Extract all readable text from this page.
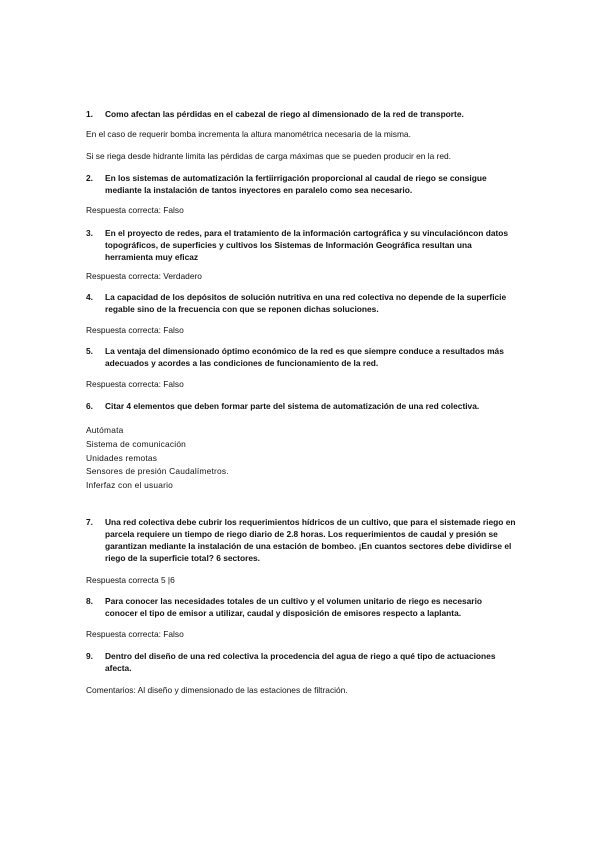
1. Como afectan las pérdidas en el cabezal de riego al dimensionado de la red de transporte.
En el caso de requerir bomba incrementa la altura manométrica necesaria de la misma.
Si se riega desde hidrante limita las pérdidas de carga máximas que se pueden producir en la red.
2. En los sistemas de automatización la fertiirrigación proporcional al caudal de riego se consigue mediante la instalación de tantos inyectores en paralelo como sea necesario.
Respuesta correcta: Falso
3. En el proyecto de redes, para el tratamiento de la información cartográfica y su vinculacióncon datos topográficos, de superficies y cultivos los Sistemas de Información Geográfica resultan una herramienta muy eficaz
Respuesta correcta: Verdadero
4. La capacidad de los depósitos de solución nutritiva en una red colectiva no depende de la superficie regable sino de la frecuencia con que se reponen dichas soluciones.
Respuesta correcta: Falso
5. La ventaja del dimensionado óptimo económico de la red es que siempre conduce a resultados más adecuados y acordes a las condiciones de funcionamiento de la red.
Respuesta correcta: Falso
6. Citar 4 elementos que deben formar parte del sistema de automatización de una red colectiva.
Autómata
Sistema de comunicación
Unidades remotas
Sensores de presión Caudalímetros.
Inferfaz con el usuario
7. Una red colectiva debe cubrir los requerimientos hídricos de un cultivo, que para el sistemade riego en parcela requiere un tiempo de riego diario de 2.8 horas. Los requerimientos de caudal y presión se garantizan mediante la instalación de una estación de bombeo. ¡En cuantos sectores debe dividirse el riego de la superficie total? 6 sectores.
Respuesta correcta 5 |6
8. Para conocer las necesidades totales de un cultivo y el volumen unitario de riego es necesario conocer el tipo de emisor a utilizar, caudal y disposición de emisores respecto a laplanta.
Respuesta correcta: Falso
9. Dentro del diseño de una red colectiva la procedencia del agua de riego a qué tipo de actuaciones afecta.
Comentarios: Al diseño y dimensionado de las estaciones de filtración.
